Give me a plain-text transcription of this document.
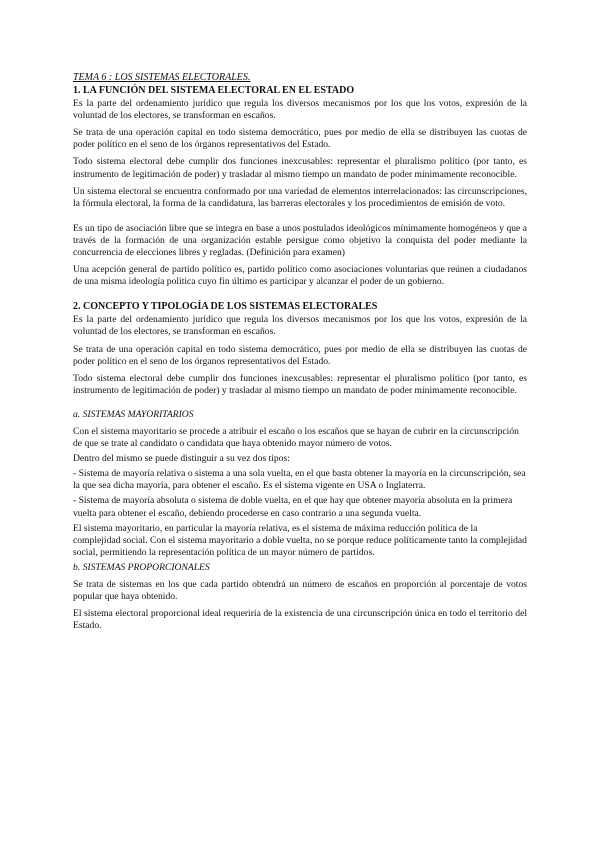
TEMA 6 : LOS SISTEMAS ELECTORALES.
1. LA FUNCIÓN DEL SISTEMA ELECTORAL EN EL ESTADO

Es la parte del ordenamiento jurídico que regula los diversos mecanismos por los que los votos, expresión de la voluntad de los electores, se transforman en escaños.

Se trata de una operación capital en todo sistema democrático, pues por medio de ella se distribuyen las cuotas de poder político en el seno de los órganos representativos del Estado.

Todo sistema electoral debe cumplir dos funciones inexcusables: representar el pluralismo político (por tanto, es instrumento de legitimación de poder) y trasladar al mismo tiempo un mandato de poder mínimamente reconocible.

Un sistema electoral se encuentra conformado por una variedad de elementos interrelacionados: las circunscripciones, la fórmula electoral, la forma de la candidatura, las barreras electorales y los procedimientos de emisión de voto.

Es un tipo de asociación libre que se integra en base a unos postulados ideológicos mínimamente homogéneos y que a través de la formación de una organización estable persigue como objetivo la conquista del poder mediante la concurrencia de elecciones libres y regladas. (Definición para examen)

Una acepción general de partido político es, partido político como asociaciones voluntarias que reúnen a ciudadanos de una misma ideología política cuyo fin último es participar y alcanzar el poder de un gobierno.

2. CONCEPTO Y TIPOLOGÍA DE LOS SISTEMAS ELECTORALES

Es la parte del ordenamiento jurídico que regula los diversos mecanismos por los que los votos, expresión de la voluntad de los electores, se transforman en escaños.

Se trata de una operación capital en todo sistema democrático, pues por medio de ella se distribuyen las cuotas de poder político en el seno de los órganos representativos del Estado.

Todo sistema electoral debe cumplir dos funciones inexcusables: representar el pluralismo político (por tanto, es instrumento de legitimación de poder) y trasladar al mismo tiempo un mandato de poder mínimamente reconocible.

a. SISTEMAS MAYORITARIOS

Con el sistema mayoritario se procede a atribuir el escaño o los escaños que se hayan de cubrir en la circunscripción de que se trate al candidato o candidata que haya obtenido mayor número de votos.

Dentro del mismo se puede distinguir a su vez dos tipos:

- Sistema de mayoría relativa o sistema a una sola vuelta, en el que basta obtener la mayoría en la circunscripción, sea la que sea dicha mayoría, para obtener el escaño. Es el sistema vigente en USA o Inglaterra.

- Sistema de mayoría absoluta o sistema de doble vuelta, en el que hay que obtener mayoría absoluta en la primera vuelta para obtener el escaño, debiendo procederse en caso contrario a una segunda vuelta.

El sistema mayoritario, en particular la mayoría relativa, es el sistema de máxima reducción política de la complejidad social. Con el sistema mayoritario a doble vuelta, no se porque reduce políticamente tanto la complejidad social, permitiendo la representación política de un mayor número de partidos.

b. SISTEMAS PROPORCIONALES

Se trata de sistemas en los que cada partido obtendrá un número de escaños en proporción al porcentaje de votos popular que haya obtenido.

El sistema electoral proporcional ideal requeriría de la existencia de una circunscripción única en todo el territorio del Estado.
